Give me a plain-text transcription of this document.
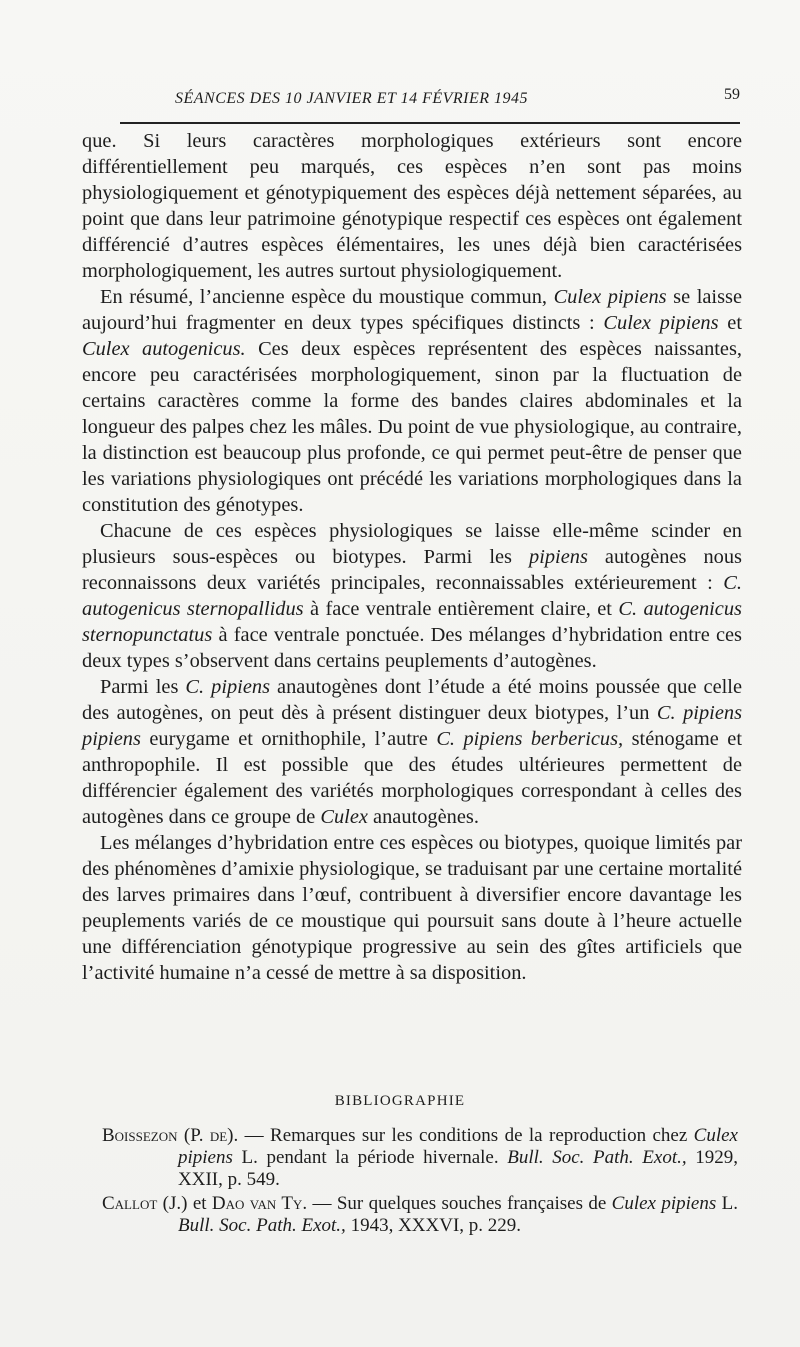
SÉANCES DES 10 JANVIER ET 14 FÉVRIER 1945	59

que. Si leurs caractères morphologiques extérieurs sont encore différentiellement peu marqués, ces espèces n’en sont pas moins physiologiquement et génotypiquement des espèces déjà nettement séparées, au point que dans leur patrimoine génotypique respectif ces espèces ont également différencié d’autres espèces élémentaires, les unes déjà bien caractérisées morphologiquement, les autres surtout physiologiquement.

En résumé, l’ancienne espèce du moustique commun, Culex pipiens se laisse aujourd’hui fragmenter en deux types spécifiques distincts : Culex pipiens et Culex autogenicus. Ces deux espèces représentent des espèces naissantes, encore peu caractérisées morphologiquement, sinon par la fluctuation de certains caractères comme la forme des bandes claires abdominales et la longueur des palpes chez les mâles. Du point de vue physiologique, au contraire, la distinction est beaucoup plus profonde, ce qui permet peut-être de penser que les variations physiologiques ont précédé les variations morphologiques dans la constitution des génotypes.

Chacune de ces espèces physiologiques se laisse elle-même scinder en plusieurs sous-espèces ou biotypes. Parmi les pipiens autogènes nous reconnaissons deux variétés principales, reconnaissables extérieurement : C. autogenicus sternopallidus à face ventrale entièrement claire, et C. autogenicus sternopunctatus à face ventrale ponctuée. Des mélanges d’hybridation entre ces deux types s’observent dans certains peuplements d’autogènes.

Parmi les C. pipiens anautogènes dont l’étude a été moins poussée que celle des autogènes, on peut dès à présent distinguer deux biotypes, l’un C. pipiens pipiens eurygame et ornithophile, l’autre C. pipiens berbericus, sténogame et anthropophile. Il est possible que des études ultérieures permettent de différencier également des variétés morphologiques correspondant à celles des autogènes dans ce groupe de Culex anautogènes.

Les mélanges d’hybridation entre ces espèces ou biotypes, quoique limités par des phénomènes d’amixie physiologique, se traduisant par une certaine mortalité des larves primaires dans l’œuf, contribuent à diversifier encore davantage les peuplements variés de ce moustique qui poursuit sans doute à l’heure actuelle une différenciation génotypique progressive au sein des gîtes artificiels que l’activité humaine n’a cessé de mettre à sa disposition.

BIBLIOGRAPHIE

Boissezon (P. de). — Remarques sur les conditions de la reproduction chez Culex pipiens L. pendant la période hivernale. Bull. Soc. Path. Exot., 1929, XXII, p. 549.

Callot (J.) et Dao van Ty. — Sur quelques souches françaises de Culex pipiens L. Bull. Soc. Path. Exot., 1943, XXXVI, p. 229.
